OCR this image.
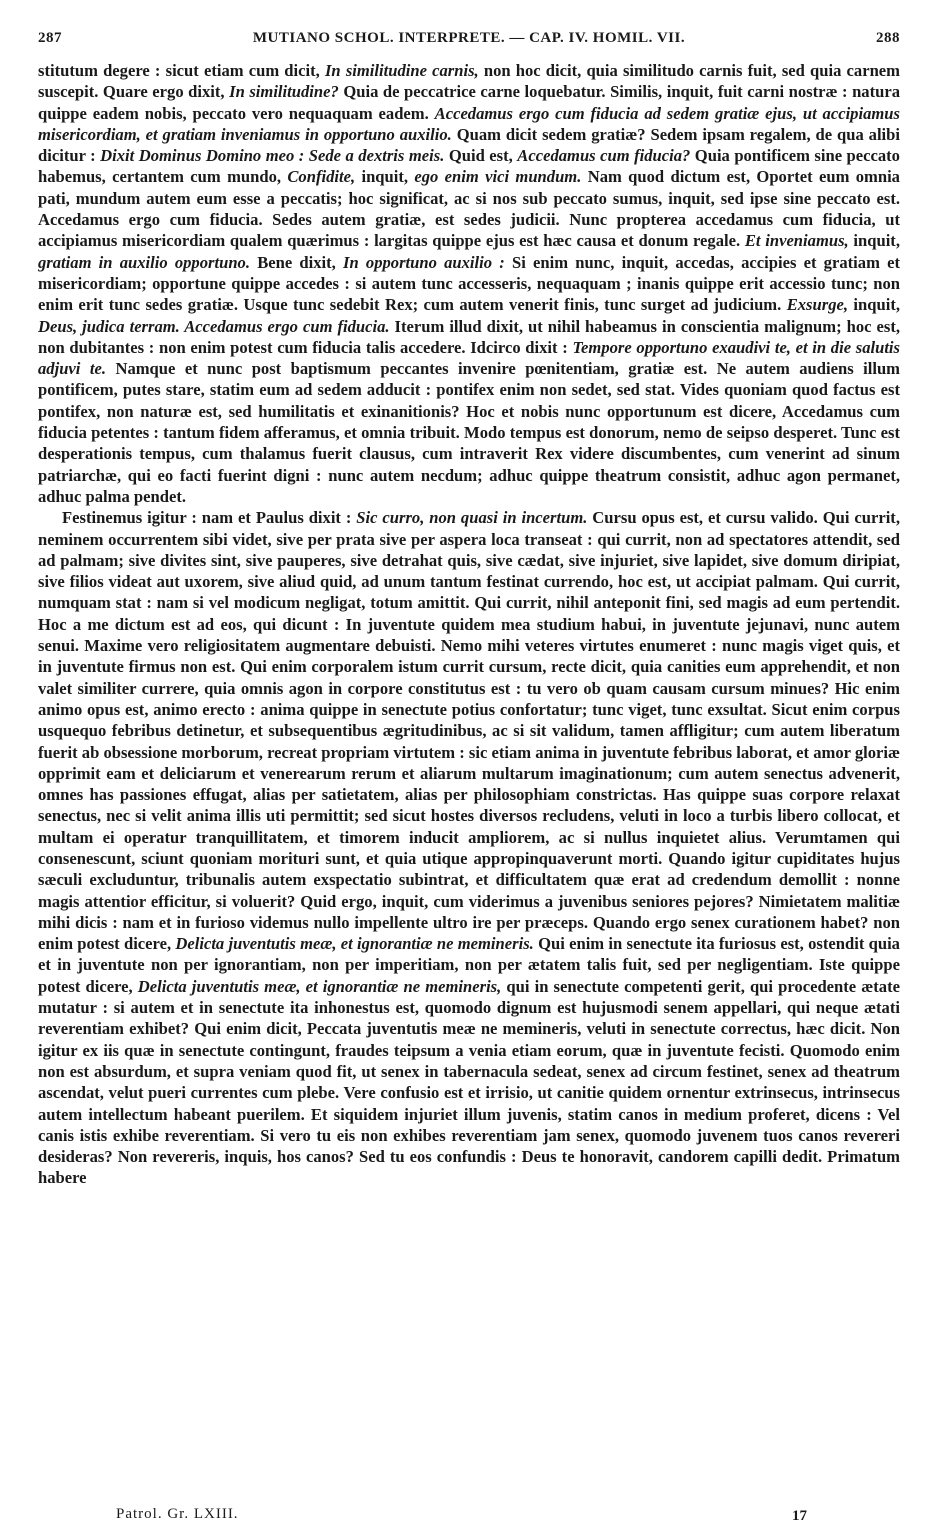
287	MUTIANO SCHOL. INTERPRETE. — CAP. IV. HOMIL. VII.	288

stitutum degere : sicut etiam cum dicit, In similitudine carnis, non hoc dicit, quia similitudo carnis fuit, sed quia carnem suscepit. Quare ergo dixit, In similitudine? Quia de peccatrice carne loquebatur. Similis, inquit, fuit carni nostræ : natura quippe eadem nobis, peccato vero nequaquam eadem. Accedamus ergo cum fiducia ad sedem gratiæ ejus, ut accipiamus misericordiam, et gratiam inveniamus in opportuno auxilio. Quam dicit sedem gratiæ? Sedem ipsam regalem, de qua alibi dicitur : Dixit Dominus Domino meo : Sede a dextris meis. Quid est, Accedamus cum fiducia? Quia pontificem sine peccato habemus, certantem cum mundo, Confidite, inquit, ego enim vici mundum. Nam quod dictum est, Oportet eum omnia pati, mundum autem eum esse a peccatis; hoc significat, ac si nos sub peccato sumus, inquit, sed ipse sine peccato est. Accedamus ergo cum fiducia. Sedes autem gratiæ, est sedes judicii. Nunc propterea accedamus cum fiducia, ut accipiamus misericordiam qualem quærimus : largitas quippe ejus est hæc causa et donum regale. Et inveniamus, inquit, gratiam in auxilio opportuno. Bene dixit, In opportuno auxilio : Si enim nunc, inquit, accedas, accipies et gratiam et misericordiam; opportune quippe accedes : si autem tunc accesseris, nequaquam ; inanis quippe erit accessio tunc; non enim erit tunc sedes gratiæ. Usque tunc sedebit Rex; cum autem venerit finis, tunc surget ad judicium. Exsurge, inquit, Deus, judica terram. Accedamus ergo cum fiducia. Iterum illud dixit, ut nihil habeamus in conscientia malignum; hoc est, non dubitantes : non enim potest cum fiducia talis accedere. Idcirco dixit : Tempore opportuno exaudivi te, et in die salutis adjuvi te. Namque et nunc post baptismum peccantes invenire pœnitentiam, gratiæ est. Ne autem audiens illum pontificem, putes stare, statim eum ad sedem adducit : pontifex enim non sedet, sed stat. Vides quoniam quod factus est pontifex, non naturæ est, sed humilitatis et exinanitionis? Hoc et nobis nunc opportunum est dicere, Accedamus cum fiducia petentes : tantum fidem afferamus, et omnia tribuit. Modo tempus est donorum, nemo de seipso desperet. Tunc est desperationis tempus, cum thalamus fuerit clausus, cum intraverit Rex videre discumbentes, cum venerint ad sinum patriarchæ, qui eo facti fuerint digni : nunc autem necdum; adhuc quippe theatrum consistit, adhuc agon permanet, adhuc palma pendet.

Festinemus igitur : nam et Paulus dixit : Sic curro, non quasi in incertum. Cursu opus est, et cursu valido. Qui currit, neminem occurrentem sibi videt, sive per prata sive per aspera loca transeat : qui currit, non ad spectatores attendit, sed ad palmam; sive divites sint, sive pauperes, sive detrahat quis, sive cædat, sive injuriet, sive lapidet, sive domum diripiat, sive filios videat aut uxorem, sive aliud quid, ad unum tantum festinat currendo, hoc est, ut accipiat palmam. Qui currit, numquam stat : nam si vel modicum negligat, totum amittit. Qui currit, nihil anteponit fini, sed magis ad eum pertendit. Hoc a me dictum est ad eos, qui dicunt : In juventute quidem mea studium habui, in juventute jejunavi, nunc autem senui. Maxime vero religiositatem augmentare debuisti. Nemo mihi veteres virtutes enumeret : nunc magis viget quis, et in juventute firmus non est. Qui enim corporalem istum currit cursum, recte dicit, quia canities eum apprehendit, et non valet similiter currere, quia omnis agon in corpore constitutus est : tu vero ob quam causam cursum minues? Hic enim animo opus est, animo erecto : anima quippe in senectute potius confortatur; tunc viget, tunc exsultat. Sicut enim corpus usquequo febribus detinetur, et subsequentibus ægritudinibus, ac si sit validum, tamen affligitur; cum autem liberatum fuerit ab obsessione morborum, recreat propriam virtutem : sic etiam anima in juventute febribus laborat, et amor gloriæ opprimit eam et deliciarum et venerearum rerum et aliarum multarum imaginationum; cum autem senectus advenerit, omnes has passiones effugat, alias per satietatem, alias per philosophiam constrictas. Has quippe suas corpore relaxat senectus, nec si velit anima illis uti permittit; sed sicut hostes diversos recludens, veluti in loco a turbis libero collocat, et multam ei operatur tranquillitatem, et timorem inducit ampliorem, ac si nullus inquietet alius. Verumtamen qui consenescunt, sciunt quoniam morituri sunt, et quia utique appropinquaverunt morti. Quando igitur cupiditates hujus sæculi excluduntur, tribunalis autem exspectatio subintrat, et difficultatem quæ erat ad credendum demollit : nonne magis attentior efficitur, si voluerit? Quid ergo, inquit, cum viderimus a juvenibus seniores pejores? Nimietatem malitiæ mihi dicis : nam et in furioso videmus nullo impellente ultro ire per præceps. Quando ergo senex curationem habet? non enim potest dicere, Delicta juventutis meæ, et ignorantiæ ne memineris. Qui enim in senectute ita furiosus est, ostendit quia et in juventute non per ignorantiam, non per imperitiam, non per ætatem talis fuit, sed per negligentiam. Iste quippe potest dicere, Delicta juventutis meæ, et ignorantiæ ne memineris, qui in senectute competenti gerit, qui procedente ætate mutatur : si autem et in senectute ita inhonestus est, quomodo dignum est hujusmodi senem appellari, qui neque ætati reverentiam exhibet? Qui enim dicit, Peccata juventutis meæ ne memineris, veluti in senectute correctus, hæc dicit. Non igitur ex iis quæ in senectute contingunt, fraudes teipsum a venia etiam eorum, quæ in juventute fecisti. Quomodo enim non est absurdum, et supra veniam quod fit, ut senex in tabernacula sedeat, senex ad circum festinet, senex ad theatrum ascendat, velut pueri currentes cum plebe. Vere confusio est et irrisio, ut canitie quidem ornentur extrinsecus, intrinsecus autem intellectum habeant puerilem. Et siquidem injuriet illum juvenis, statim canos in medium proferet, dicens : Vel canis istis exhibe reverentiam. Si vero tu eis non exhibes reverentiam jam senex, quomodo juvenem tuos canos revereri desideras? Non revereris, inquis, hos canos? Sed tu eos confundis : Deus te honoravit, candorem capilli dedit. Primatum habere

Patrol. Gr. LXIII.	17
